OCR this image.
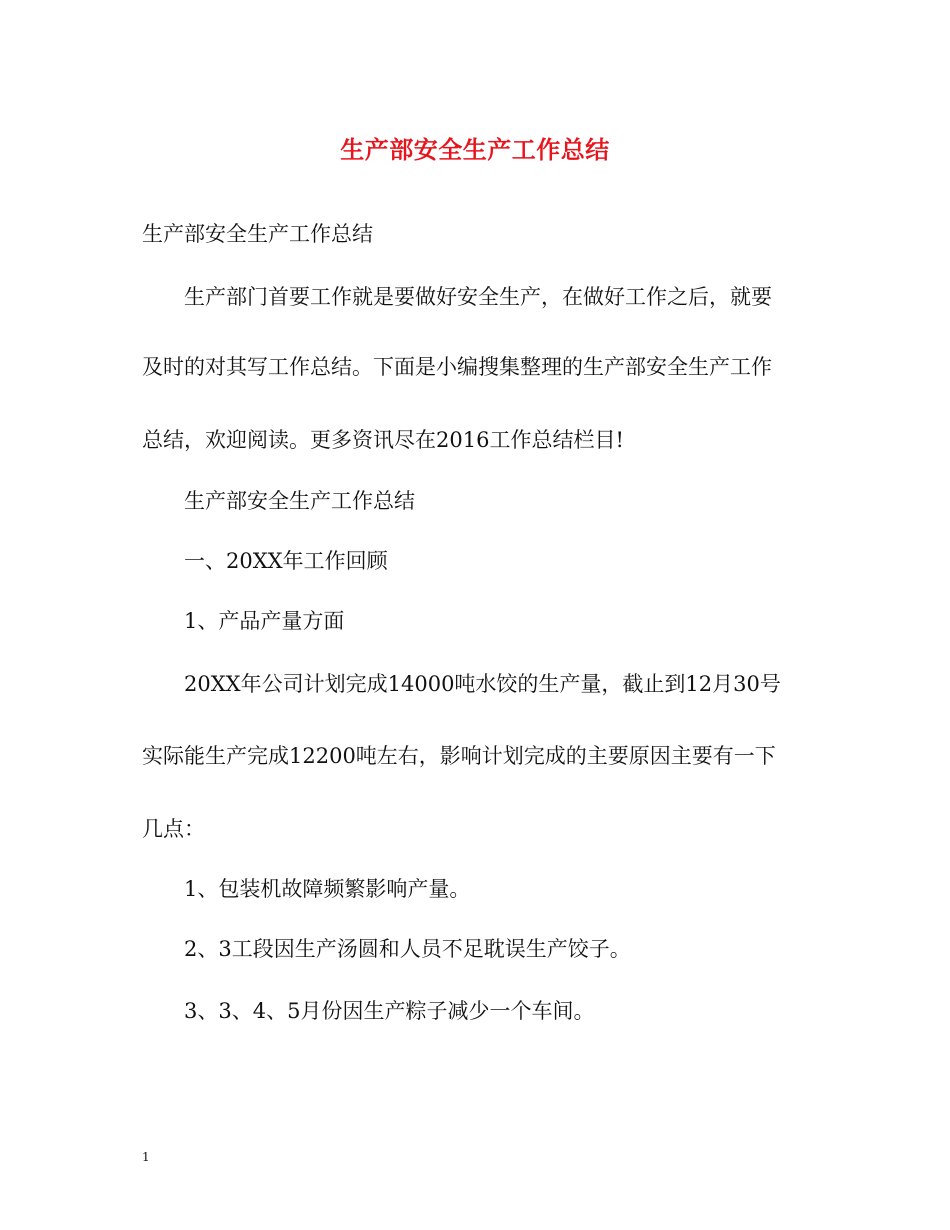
生产部安全生产工作总结

生产部安全生产工作总结

生产部门首要工作就是要做好安全生产，在做好工作之后，就要

及时的对其写工作总结。下面是小编搜集整理的生产部安全生产工作

总结，欢迎阅读。更多资讯尽在2016工作总结栏目!

生产部安全生产工作总结

一、20XX年工作回顾

1、产品产量方面

20XX年公司计划完成14000吨水饺的生产量，截止到12月30号

实际能生产完成12200吨左右，影响计划完成的主要原因主要有一下

几点：

1、包装机故障频繁影响产量。

2、3工段因生产汤圆和人员不足耽误生产饺子。

3、3、4、5月份因生产粽子减少一个车间。

1
